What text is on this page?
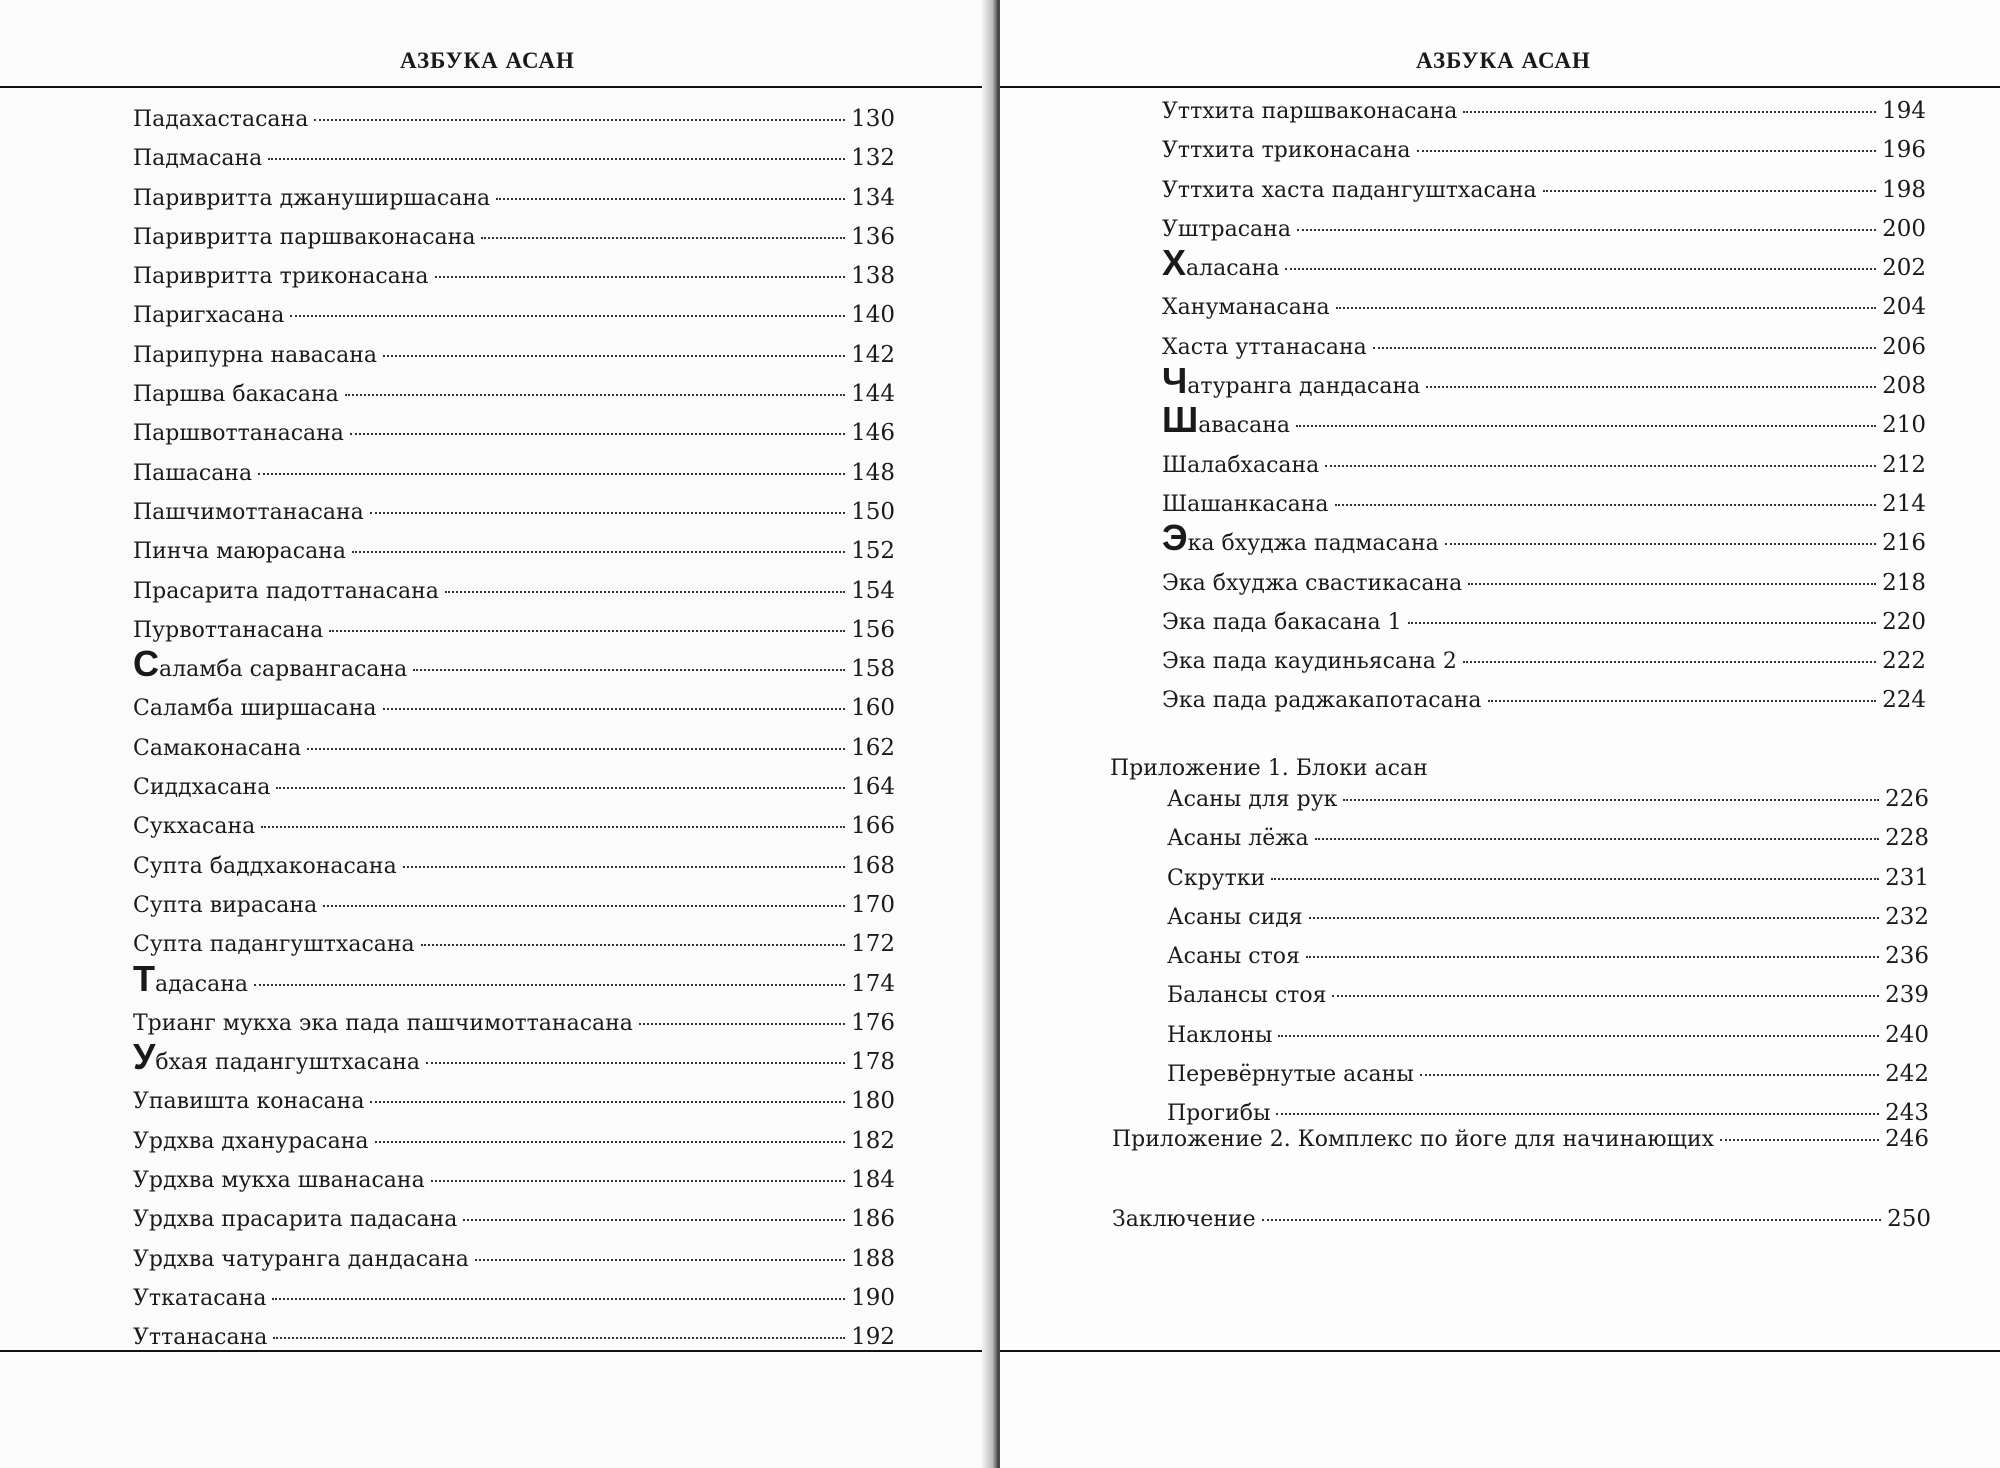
АЗБУКА АСАН
Падахастасана	130
Падмасана	132
Паривритта джануширшасана	134
Паривритта паршваконасана	136
Паривритта триконасана	138
Паригхасана	140
Парипурна навасана	142
Паршва бакасана	144
Паршвоттанасана	146
Пашасана	148
Пашчимоттанасана	150
Пинча маюрасана	152
Прасарита падоттанасана	154
Пурвоттанасана	156
Саламба сарвангасана	158
Саламба ширшасана	160
Самаконасана	162
Сиддхасана	164
Сукхасана	166
Супта баддхаконасана	168
Супта вирасана	170
Супта падангуштхасана	172
Тадасана	174
Трианг мукха эка пада пашчимоттанасана	176
Убхая падангуштхасана	178
Упавишта конасана	180
Урдхва дханурасана	182
Урдхва мукха шванасана	184
Урдхва прасарита падасана	186
Урдхва чатуранга дандасана	188
Уткатасана	190
Уттанасана	192
АЗБУКА АСАН
Уттхита паршваконасана	194
Уттхита триконасана	196
Уттхита хаста падангуштхасана	198
Уштрасана	200
Халасана	202
Хануманасана	204
Хаста уттанасана	206
Чатуранга дандасана	208
Шавасана	210
Шалабхасана	212
Шашанкасана	214
Эка бхуджа падмасана	216
Эка бхуджа свастикасана	218
Эка пада бакасана 1	220
Эка пада каудиньясана 2	222
Эка пада раджакапотасана	224
Приложение 1. Блоки асан
Асаны для рук	226
Асаны лёжа	228
Скрутки	231
Асаны сидя	232
Асаны стоя	236
Балансы стоя	239
Наклоны	240
Перевёрнутые асаны	242
Прогибы	243
Приложение 2. Комплекс по йоге для начинающих	246
Заключение	250
